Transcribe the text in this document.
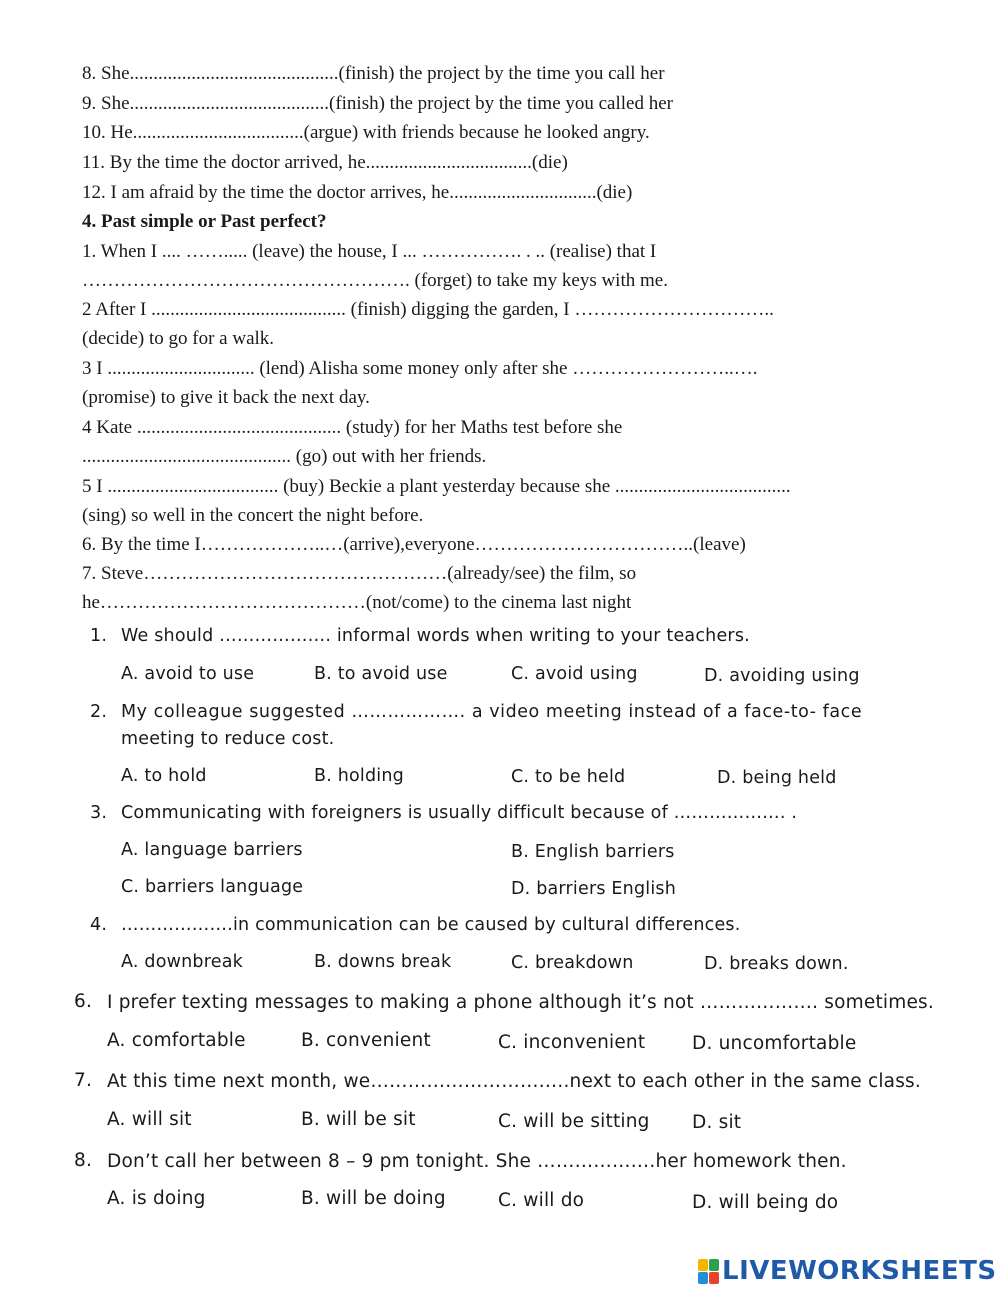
8. She............................................(finish) the project by the time you call her
9. She..........................................(finish) the project by the time you called her
10. He....................................(argue) with friends because he looked angry.
11. By the time the doctor arrived, he...................................(die)
12. I am afraid by the time the doctor arrives, he...............................(die)
4. Past simple or Past perfect?
1. When I .... ……..... (leave) the house, I ... ……………. . .. (realise) that I
……………………………………………. (forget) to take my keys with me.
2 After I ......................................... (finish) digging the garden, I …………………………..
(decide) to go for a walk.
3 I ............................... (lend) Alisha some money only after she ……………………..….
(promise) to give it back the next day.
4 Kate ........................................... (study) for her Maths test before she
............................................ (go) out with her friends.
5 I .................................... (buy) Beckie a plant yesterday because she .....................................
(sing) so well in the concert the night before.
6. By the time I………………..…(arrive),everyone……………………………..(leave)
7. Steve…………………………………………(already/see) the film, so
he……………………………………(not/come) to the cinema last night
1. We should ………………. informal words when writing to your teachers.
A. avoid to use	B. to avoid use	C. avoid using	D. avoiding using
2. My colleague suggested ………………. a video meeting instead of a face-to- face
meeting to reduce cost.
A. to hold	B. holding	C. to be held	D. being held
3. Communicating with foreigners is usually difficult because of ………………. .
A. language barriers	B. English barriers
C. barriers language	D. barriers English
4. ……………….in communication can be caused by cultural differences.
A. downbreak	B. downs break	C. breakdown	D. breaks down.
6. I prefer texting messages to making a phone although it’s not ………………. sometimes.
A. comfortable	B. convenient	C. inconvenient	D. uncomfortable
7. At this time next month, we…………………………..next to each other in the same class.
A. will sit	B. will be sit	C. will be sitting D. sit
8. Don’t call her between 8 – 9 pm tonight. She ……………….her homework then.
A. is doing	B. will be doing	C. will do	D. will being do
LIVEWORKSHEETS
